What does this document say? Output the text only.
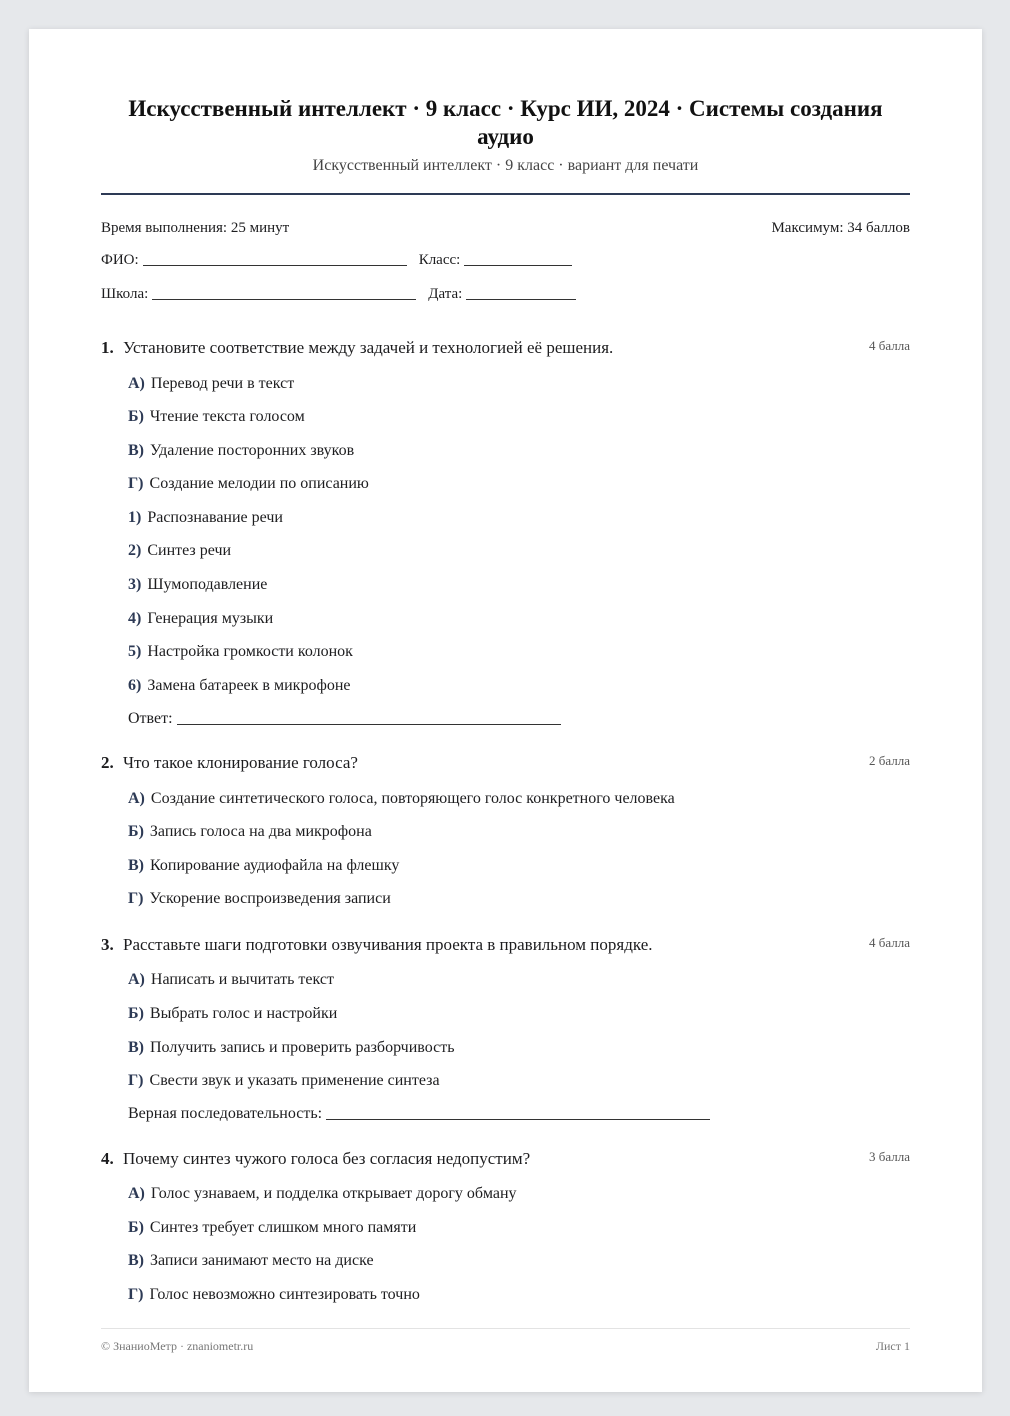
Искусственный интеллект · 9 класс · Курс ИИ, 2024 · Системы создания аудио
Искусственный интеллект · 9 класс · вариант для печати
Время выполнения: 25 минут	Максимум: 34 баллов
ФИО:	Класс:
Школа:	Дата:
1. Установите соответствие между задачей и технологией её решения.	4 балла
А) Перевод речи в текст
Б) Чтение текста голосом
В) Удаление посторонних звуков
Г) Создание мелодии по описанию
1) Распознавание речи
2) Синтез речи
3) Шумоподавление
4) Генерация музыки
5) Настройка громкости колонок
6) Замена батареек в микрофоне
Ответ:
2. Что такое клонирование голоса?	2 балла
А) Создание синтетического голоса, повторяющего голос конкретного человека
Б) Запись голоса на два микрофона
В) Копирование аудиофайла на флешку
Г) Ускорение воспроизведения записи
3. Расставьте шаги подготовки озвучивания проекта в правильном порядке.	4 балла
А) Написать и вычитать текст
Б) Выбрать голос и настройки
В) Получить запись и проверить разборчивость
Г) Свести звук и указать применение синтеза
Верная последовательность:
4. Почему синтез чужого голоса без согласия недопустим?	3 балла
А) Голос узнаваем, и подделка открывает дорогу обману
Б) Синтез требует слишком много памяти
В) Записи занимают место на диске
Г) Голос невозможно синтезировать точно
© ЗнаниоМетр · znaniometr.ru	Лист 1
